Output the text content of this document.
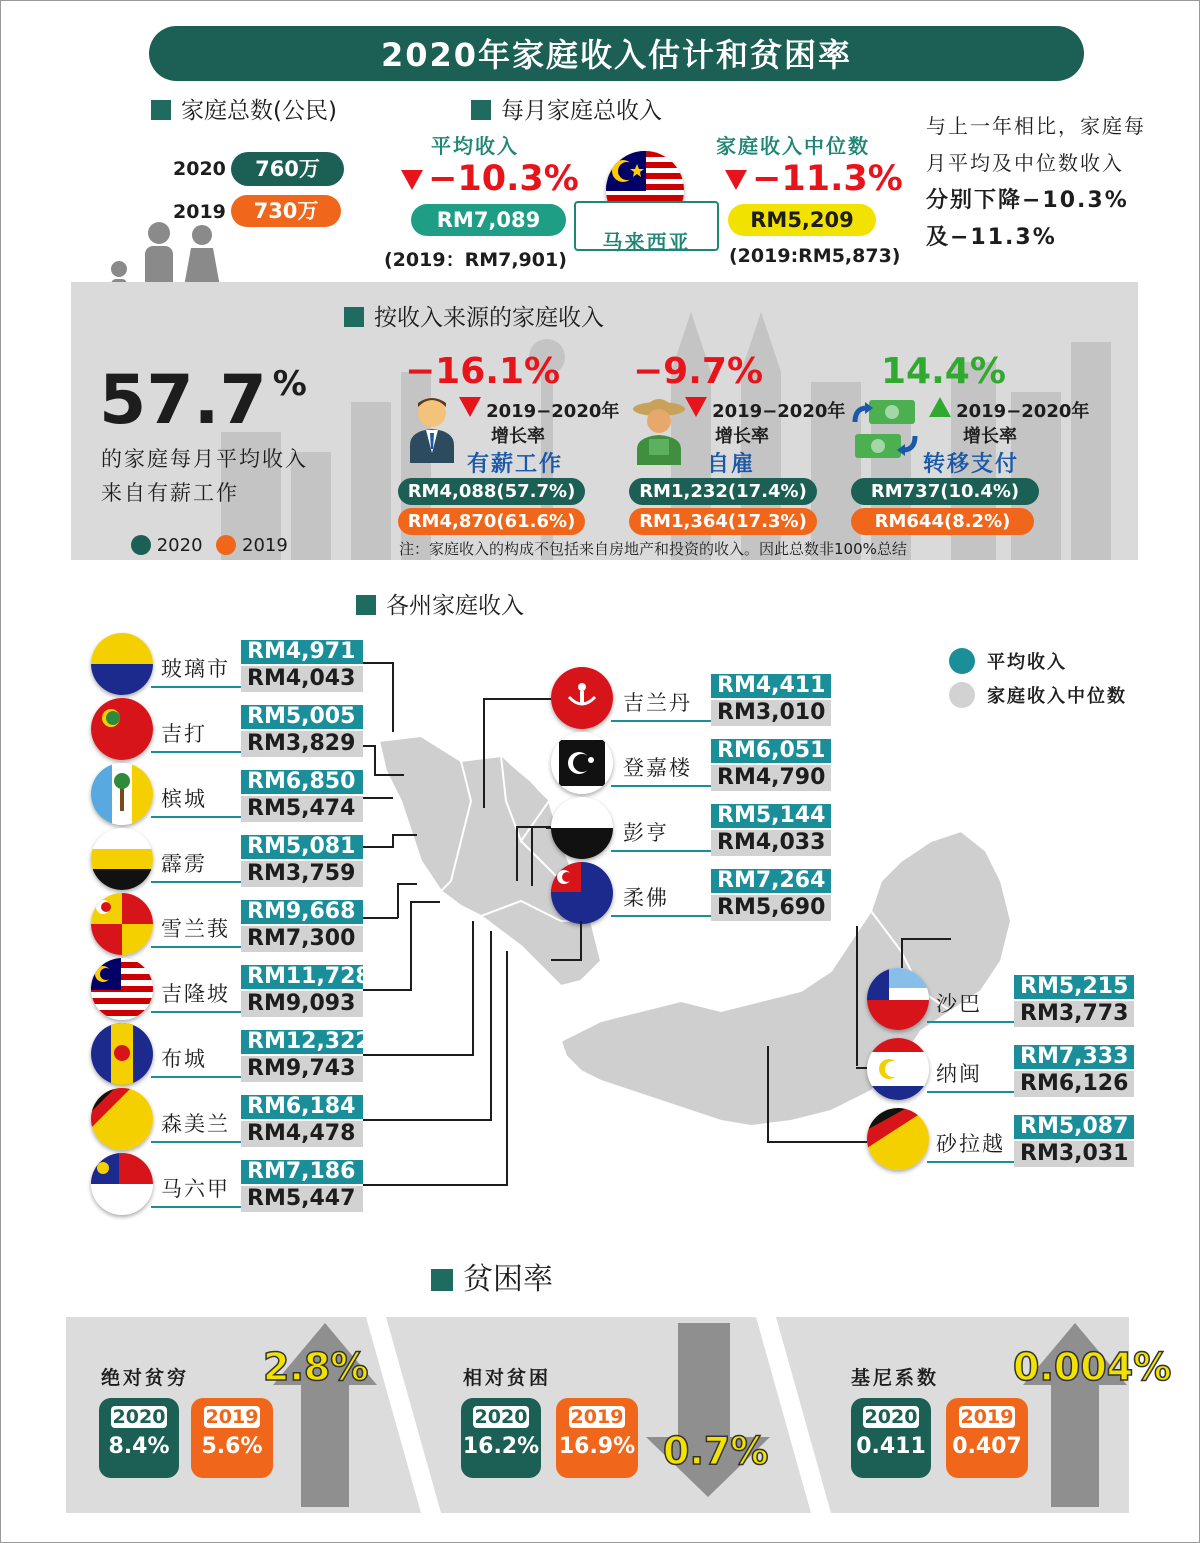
2020年家庭收入估计和贫困率
家庭总数(公民)
2020	760万
2019	730万
每月家庭总收入
平均收入
−10.3%
RM7,089
(2019：RM7,901)
马来西亚
家庭收入中位数
−11.3%
RM5,209
(2019:RM5,873)
与上一年相比，家庭每
月平均及中位数收入
分别下降−10.3%
及−11.3%
按收入来源的家庭收入
57.7 %
的家庭每月平均收入
来自有薪工作
2020 2019
−16.1%
2019−2020年
增长率
有薪工作
RM4,088(57.7%)
RM4,870(61.6%)
−9.7%
2019−2020年
增长率
自雇
RM1,232(17.4%)
RM1,364(17.3%)
14.4%
2019−2020年
增长率
转移支付
RM737(10.4%)
RM644(8.2%)
注：家庭收入的构成不包括来自房地产和投资的收入。因此总数非100%总结
各州家庭收入
平均收入
家庭收入中位数
玻璃市
RM4,971
RM4,043
吉打
RM5,005
RM3,829
槟城
RM6,850
RM5,474
霹雳
RM5,081
RM3,759
雪兰莪
RM9,668
RM7,300
吉隆坡
RM11,728
RM9,093
布城
RM12,322
RM9,743
森美兰
RM6,184
RM4,478
马六甲
RM7,186
RM5,447
吉兰丹
RM4,411
RM3,010
登嘉楼
RM6,051
RM4,790
彭亨
RM5,144
RM4,033
柔佛
RM7,264
RM5,690
沙巴
RM5,215
RM3,773
纳闽
RM7,333
RM6,126
砂拉越
RM5,087
RM3,031
贫困率
绝对贫穷 2.8%
2020
8.4%
2019
5.6%
相对贫困
0.7%
2020
16.2%
2019
16.9%
基尼系数 0.004%
2020
0.411
2019
0.407
